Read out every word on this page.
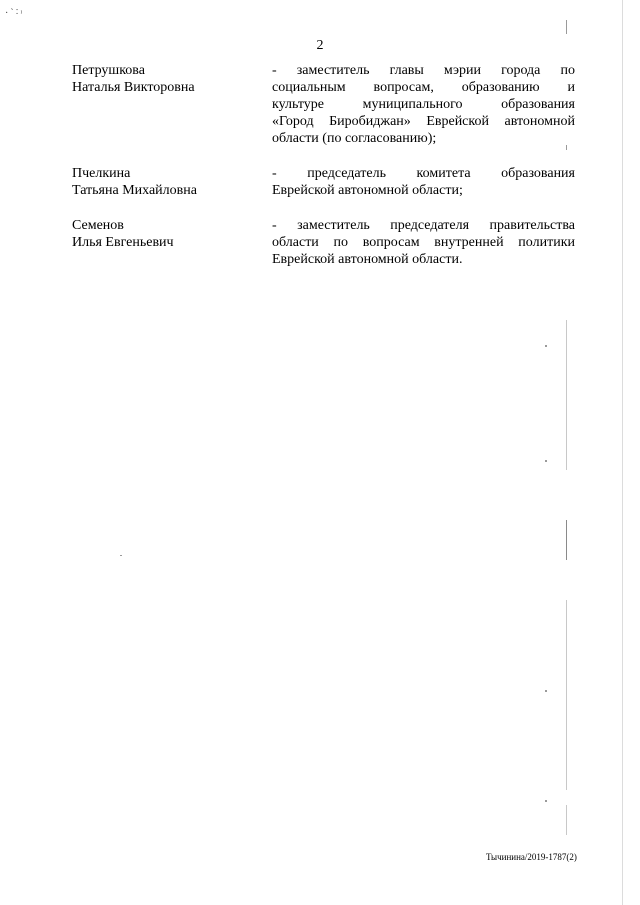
·ˋ˸ᶦ
2
Петрушкова
Наталья Викторовна
- заместитель главы мэрии города по
социальным вопросам, образованию и
культуре муниципального образования
«Город Биробиджан» Еврейской автономной
области (по согласованию);
Пчелкина
Татьяна Михайловна
- председатель комитета образования
Еврейской автономной области;
Семенов
Илья Евгеньевич
- заместитель председателя правительства
области по вопросам внутренней политики
Еврейской автономной области.
Тычинина/2019-1787(2)
